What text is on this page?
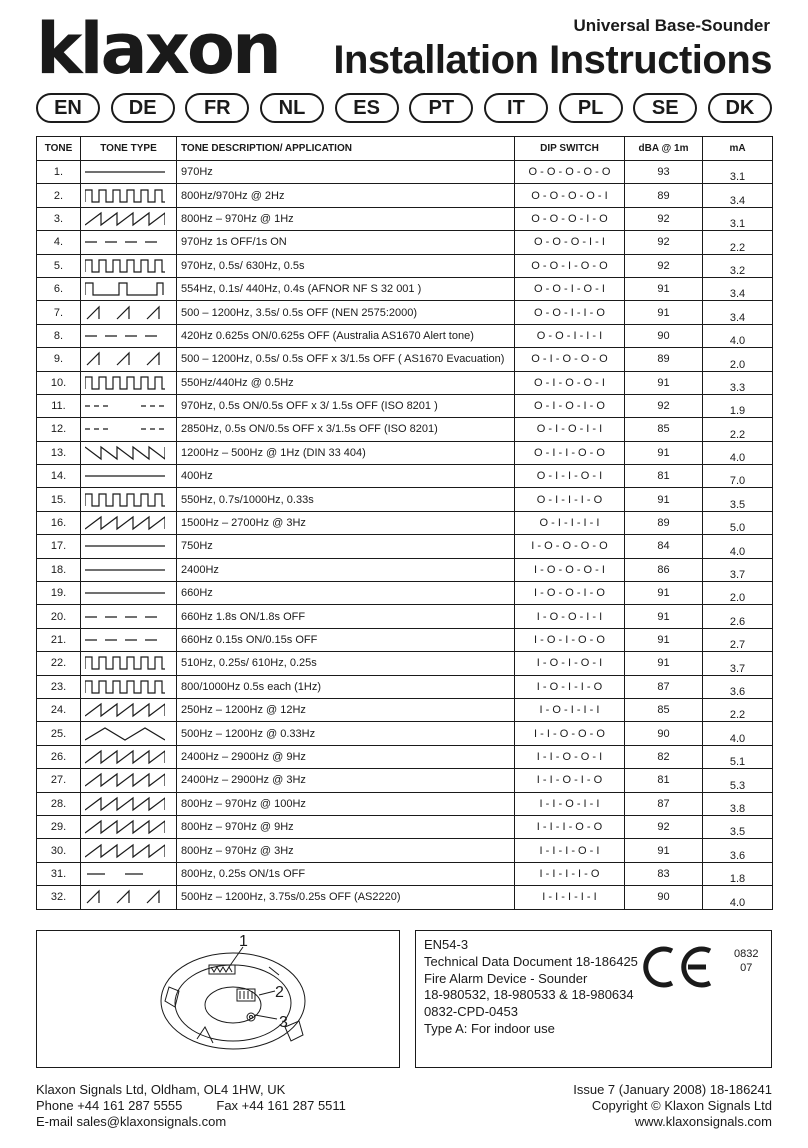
klaxon	Universal Base-Sounder
Installation Instructions
EN	DE	FR	NL	ES	PT	IT	PL	SE	DK
TONE	TONE TYPE	TONE DESCRIPTION/ APPLICATION	DIP SWITCH	dBA @ 1m	mA
1.		970Hz	O - O - O - O - O	93	3.1
2.		800Hz/970Hz @ 2Hz	O - O - O - O - I	89	3.4
3.		800Hz – 970Hz @ 1Hz	O - O - O - I - O	92	3.1
4.		970Hz 1s OFF/1s ON	O - O - O - I - I	92	2.2
5.		970Hz, 0.5s/ 630Hz, 0.5s	O - O - I - O - O	92	3.2
6.		554Hz, 0.1s/ 440Hz, 0.4s (AFNOR NF S 32 001 )	O - O - I - O - I	91	3.4
7.		500 – 1200Hz, 3.5s/ 0.5s OFF (NEN 2575:2000)	O - O - I - I - O	91	3.4
8.		420Hz 0.625s ON/0.625s OFF (Australia AS1670 Alert tone)	O - O - I - I - I	90	4.0
9.		500 – 1200Hz, 0.5s/ 0.5s OFF x 3/1.5s OFF ( AS1670 Evacuation)	O - I - O - O - O	89	2.0
10.		550Hz/440Hz @ 0.5Hz	O - I - O - O - I	91	3.3
11.		970Hz, 0.5s ON/0.5s OFF x 3/ 1.5s OFF (ISO 8201 )	O - I - O - I - O	92	1.9
12.		2850Hz, 0.5s ON/0.5s OFF x 3/1.5s OFF (ISO 8201)	O - I - O - I - I	85	2.2
13.		1200Hz – 500Hz @ 1Hz (DIN 33 404)	O - I - I - O - O	91	4.0
14.		400Hz	O - I - I - O - I	81	7.0
15.		550Hz, 0.7s/1000Hz, 0.33s	O - I - I - I - O	91	3.5
16.		1500Hz – 2700Hz @ 3Hz	O - I - I - I - I	89	5.0
17.		750Hz	I - O - O - O - O	84	4.0
18.		2400Hz	I - O - O - O - I	86	3.7
19.		660Hz	I - O - O - I - O	91	2.0
20.		660Hz 1.8s ON/1.8s OFF	I - O - O - I - I	91	2.6
21.		660Hz 0.15s ON/0.15s OFF	I - O - I - O - O	91	2.7
22.		510Hz, 0.25s/ 610Hz, 0.25s	I - O - I - O - I	91	3.7
23.		800/1000Hz 0.5s each (1Hz)	I - O - I - I - O	87	3.6
24.		250Hz – 1200Hz @ 12Hz	I - O - I - I - I	85	2.2
25.		500Hz – 1200Hz @ 0.33Hz	I - I - O - O - O	90	4.0
26.		2400Hz – 2900Hz @ 9Hz	I - I - O - O - I	82	5.1
27.		2400Hz – 2900Hz @ 3Hz	I - I - O - I - O	81	5.3
28.		800Hz – 970Hz @ 100Hz	I - I - O - I - I	87	3.8
29.		800Hz – 970Hz @ 9Hz	I - I - I - O - O	92	3.5
30.		800Hz – 970Hz @ 3Hz	I - I - I - O - I	91	3.6
31.		800Hz, 0.25s ON/1s OFF	I - I - I - I - O	83	1.8
32.		500Hz – 1200Hz, 3.75s/0.25s OFF (AS2220)	I - I - I - I - I	90	4.0
1
2
3
EN54-3
Technical Data Document 18-186425
Fire Alarm Device - Sounder
18-980532, 18-980533 & 18-980634
0832-CPD-0453
Type A: For indoor use
0832
07
Klaxon Signals Ltd, Oldham, OL4 1HW, UK
Phone +44 161 287 5555	Fax +44 161 287 5511
E-mail sales@klaxonsignals.com
Issue 7 (January 2008) 18-186241
Copyright © Klaxon Signals Ltd
www.klaxonsignals.com
